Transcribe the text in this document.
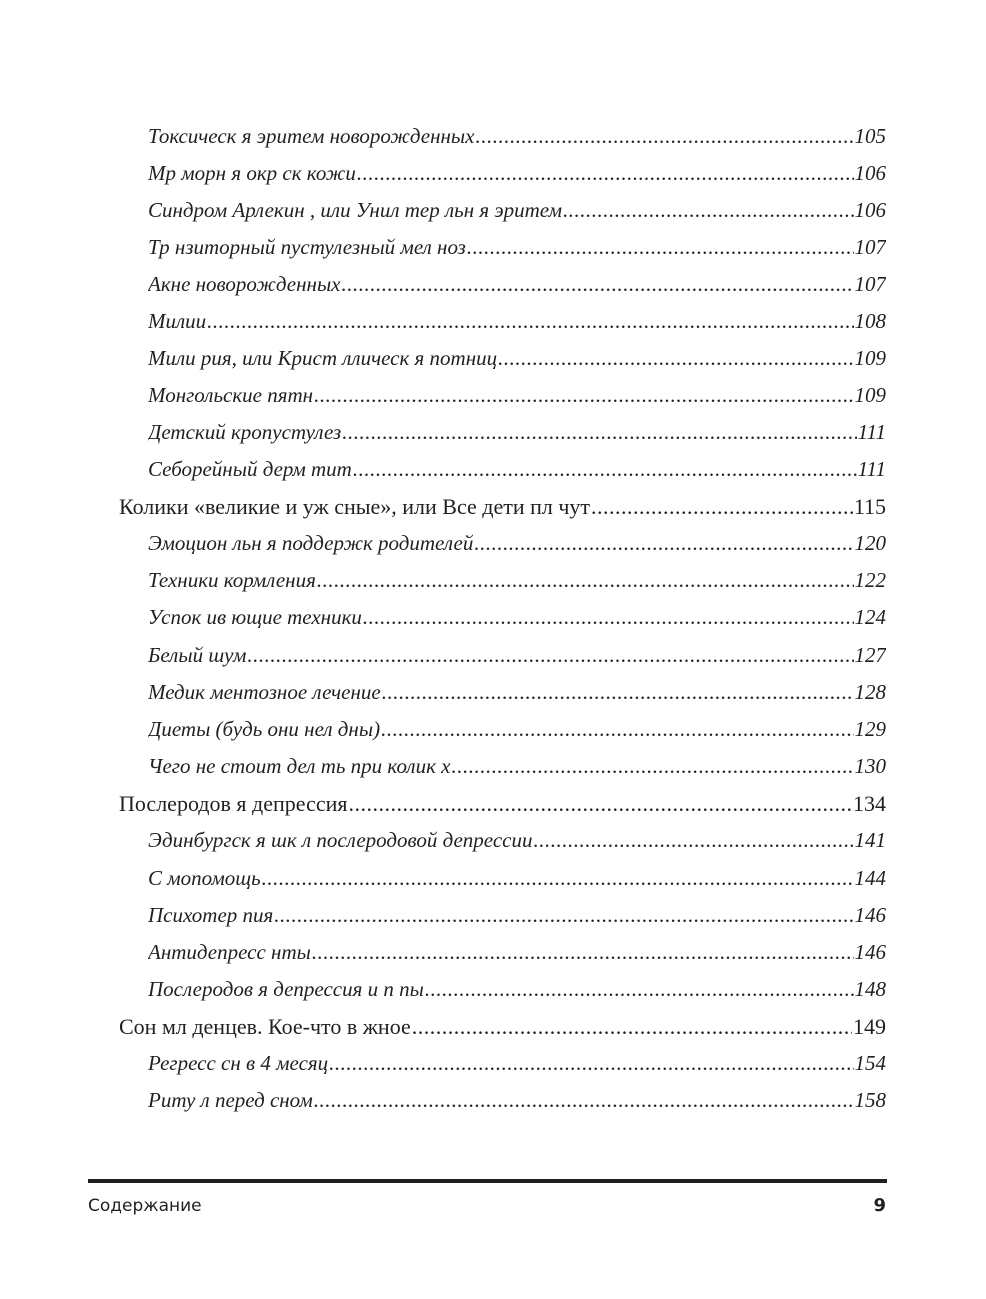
Токсическ я эритем новорожденных .....	105
Мр морн я окр ск кожи .....	106
Синдром Арлекин , или Унил тер льн я эритем .....	106
Тр нзиторный пустулезный мел ноз .....	107
Акне новорожденных .....	107
Милии .....	108
Мили рия, или Крист ллическ я потниц .....	109
Монгольские пятн .....	109
Детский кропустулез .....	111
Себорейный дерм тит .....	111
Колики «великие и уж сные», или Все дети пл чут .....	115
Эмоцион льн я поддержк родителей .....	120
Техники кормления .....	122
Успок ив ющие техники .....	124
Белый шум .....	127
Медик ментозное лечение .....	128
Диеты (будь они нел дны) .....	129
Чего не стоит дел ть при колик х .....	130
Послеродов я депрессия .....	134
Эдинбургск я шк л послеродовой депрессии .....	141
С мопомощь .....	144
Психотер пия .....	146
Антидепресс нты .....	146
Послеродов я депрессия и п пы .....	148
Сон мл денцев. Кое-что в жное .....	149
Регресс сн в 4 месяц .....	154
Риту л перед сном .....	158
Содержание	9
